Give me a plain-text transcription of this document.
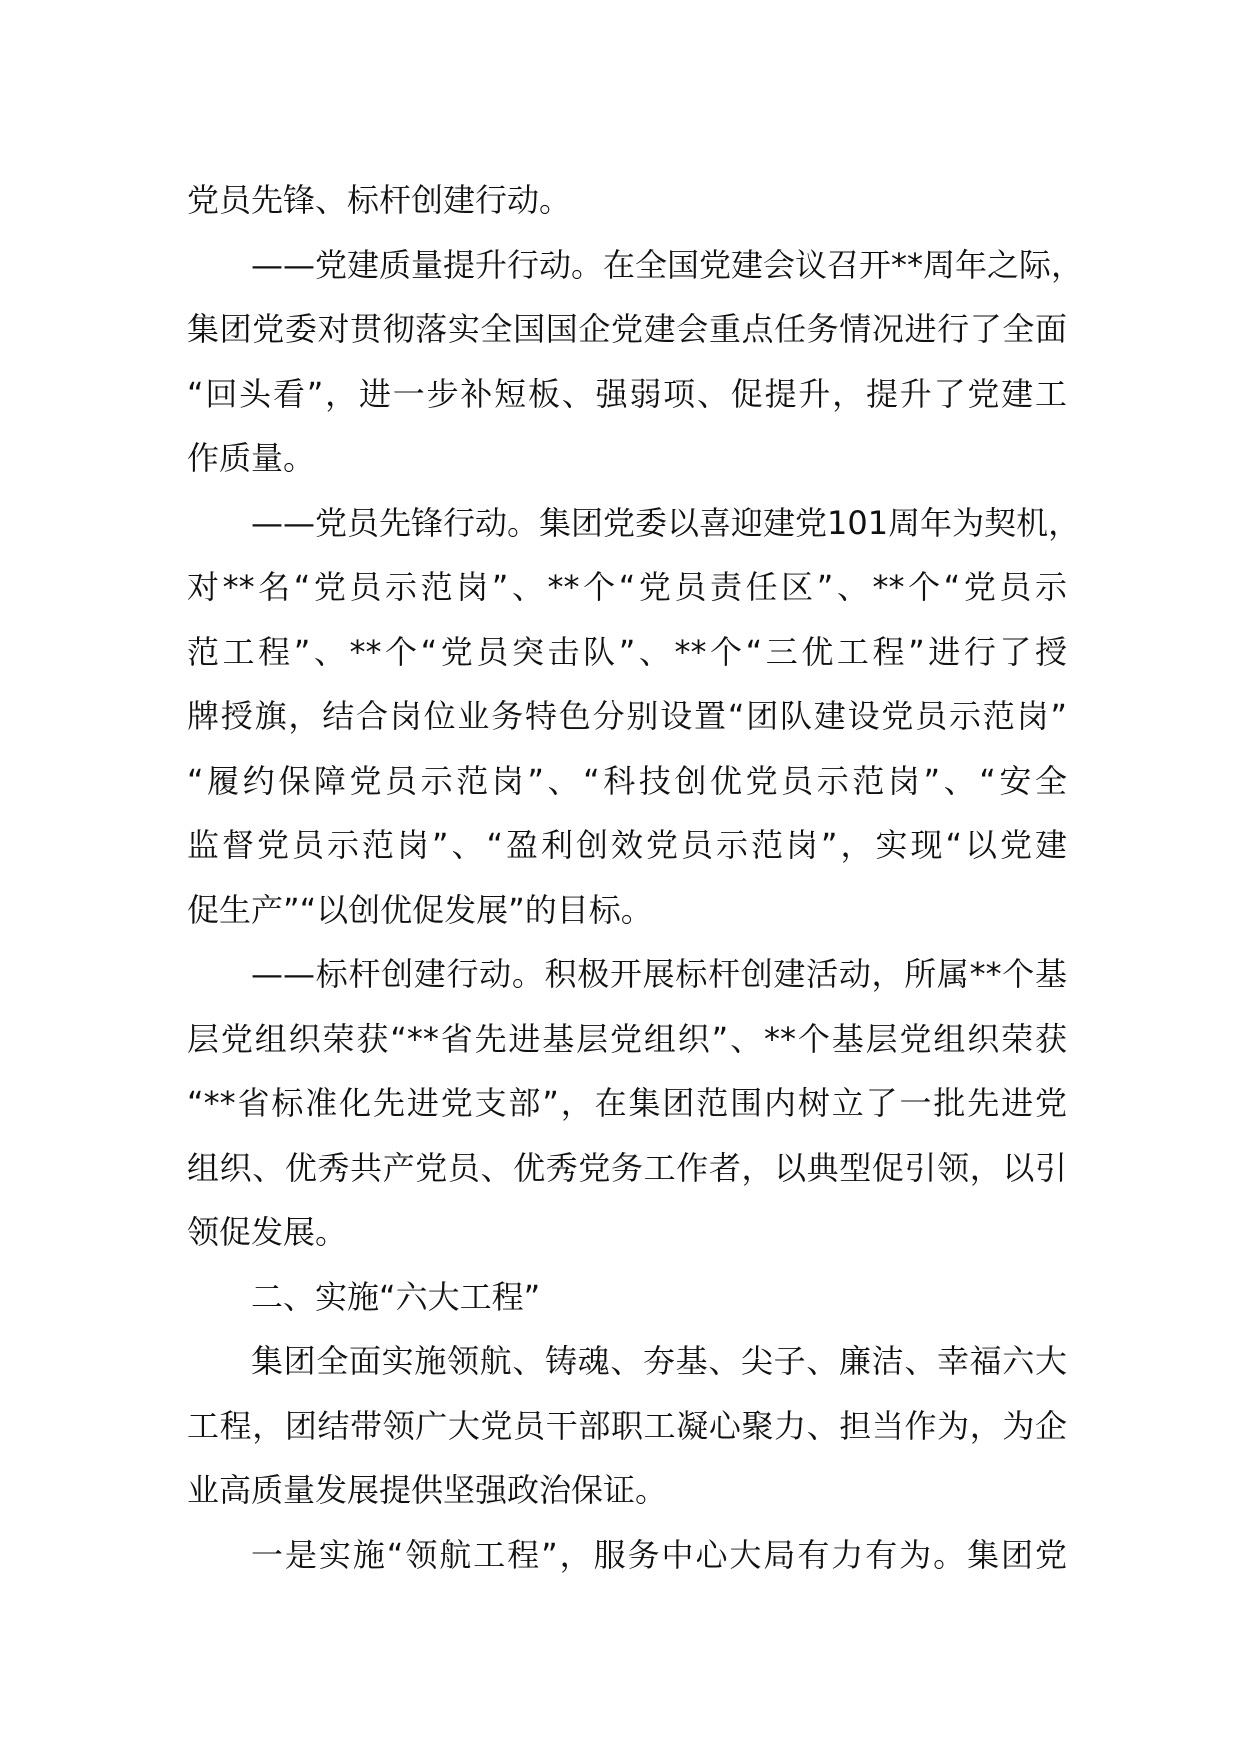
党员先锋、标杆创建行动。
——党建质量提升行动。在全国党建会议召开**周年之际，
集团党委对贯彻落实全国国企党建会重点任务情况进行了全面
“回头看”，进一步补短板、强弱项、促提升，提升了党建工
作质量。
——党员先锋行动。集团党委以喜迎建党101周年为契机，
对**名“党员示范岗”、**个“党员责任区”、**个“党员示
范工程”、**个“党员突击队”、**个“三优工程”进行了授
牌授旗，结合岗位业务特色分别设置“团队建设党员示范岗”
“履约保障党员示范岗”、“科技创优党员示范岗”、“安全
监督党员示范岗”、“盈利创效党员示范岗”，实现“以党建
促生产”“以创优促发展”的目标。
——标杆创建行动。积极开展标杆创建活动，所属**个基
层党组织荣获“**省先进基层党组织”、**个基层党组织荣获
“**省标准化先进党支部”，在集团范围内树立了一批先进党
组织、优秀共产党员、优秀党务工作者，以典型促引领，以引
领促发展。
二、实施“六大工程”
集团全面实施领航、铸魂、夯基、尖子、廉洁、幸福六大
工程，团结带领广大党员干部职工凝心聚力、担当作为，为企
业高质量发展提供坚强政治保证。
一是实施“领航工程”，服务中心大局有力有为。集团党
